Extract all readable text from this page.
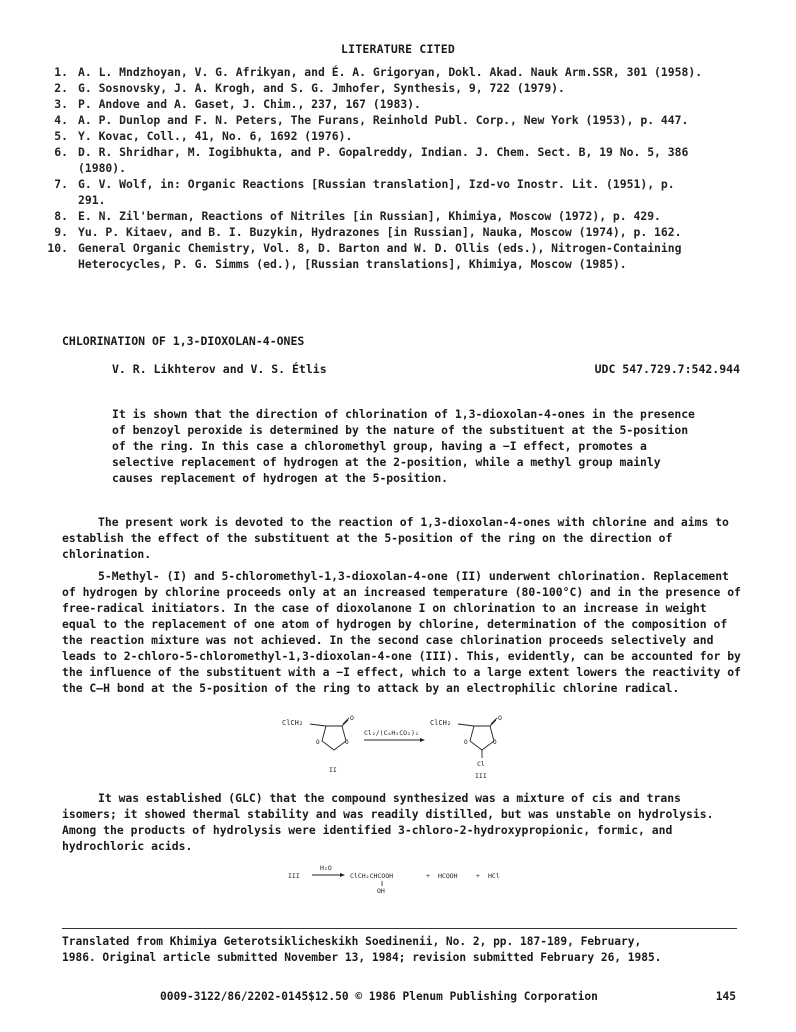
LITERATURE CITED
1. A. L. Mndzhoyan, V. G. Afrikyan, and É. A. Grigoryan, Dokl. Akad. Nauk Arm.SSR, 301 (1958).
2. G. Sosnovsky, J. A. Krogh, and S. G. Jmhofer, Synthesis, 9, 722 (1979).
3. P. Andove and A. Gaset, J. Chim., 237, 167 (1983).
4. A. P. Dunlop and F. N. Peters, The Furans, Reinhold Publ. Corp., New York (1953), p. 447.
5. Y. Kovac, Coll., 41, No. 6, 1692 (1976).
6. D. R. Shridhar, M. Iogibhukta, and P. Gopalreddy, Indian. J. Chem. Sect. B, 19 No. 5, 386
(1980).
7. G. V. Wolf, in: Organic Reactions [Russian translation], Izd-vo Inostr. Lit. (1951), p.
291.
8. E. N. Zil'berman, Reactions of Nitriles [in Russian], Khimiya, Moscow (1972), p. 429.
9. Yu. P. Kitaev, and B. I. Buzykin, Hydrazones [in Russian], Nauka, Moscow (1974), p. 162.
10. General Organic Chemistry, Vol. 8, D. Barton and W. D. Ollis (eds.), Nitrogen-Containing
Heterocycles, P. G. Simms (ed.), [Russian translations], Khimiya, Moscow (1985).
CHLORINATION OF 1,3-DIOXOLAN-4-ONES
V. R. Likhterov and V. S. Étlis	UDC 547.729.7:542.944
It is shown that the direction of chlorination of 1,3-dioxolan-4-ones in the presence of benzoyl peroxide is determined by the nature of the substituent at the 5-position of the ring. In this case a chloromethyl group, having a −I effect, promotes a selective replacement of hydrogen at the 2-position, while a methyl group mainly causes replacement of hydrogen at the 5-position.

The present work is devoted to the reaction of 1,3-dioxolan-4-ones with chlorine and aims to establish the effect of the substituent at the 5-position of the ring on the direction of chlorination.

5-Methyl- (I) and 5-chloromethyl-1,3-dioxolan-4-one (II) underwent chlorination. Replacement of hydrogen by chlorine proceeds only at an increased temperature (80-100°C) and in the presence of free-radical initiators. In the case of dioxolanone I on chlorination to an increase in weight equal to the replacement of one atom of hydrogen by chlorine, determination of the composition of the reaction mixture was not achieved. In the second case chlorination proceeds selectively and leads to 2-chloro-5-chloromethyl-1,3-dioxolan-4-one (III). This, evidently, can be accounted for by the influence of the substituent with a −I effect, which to a large extent lowers the reactivity of the C—H bond at the 5-position of the ring to attack by an electrophilic chlorine radical.

ClCH₂
O
O	O
II
Cl₂/(C₆H₅CO₂)₂
ClCH₂
O
O	O
Cl
III

It was established (GLC) that the compound synthesized was a mixture of cis and trans isomers; it showed thermal stability and was readily distilled, but was unstable on hydrolysis. Among the products of hydrolysis were identified 3-chloro-2-hydroxypropionic, formic, and hydrochloric acids.

III
H₂O
ClCH₂CHCOOH
OH
+ HCOOH	+ HCl
Translated from Khimiya Geterotsiklicheskikh Soedinenii, No. 2, pp. 187-189, February,
1986. Original article submitted November 13, 1984; revision submitted February 26, 1985.
0009-3122/86/2202-0145$12.50 © 1986 Plenum Publishing Corporation	145
